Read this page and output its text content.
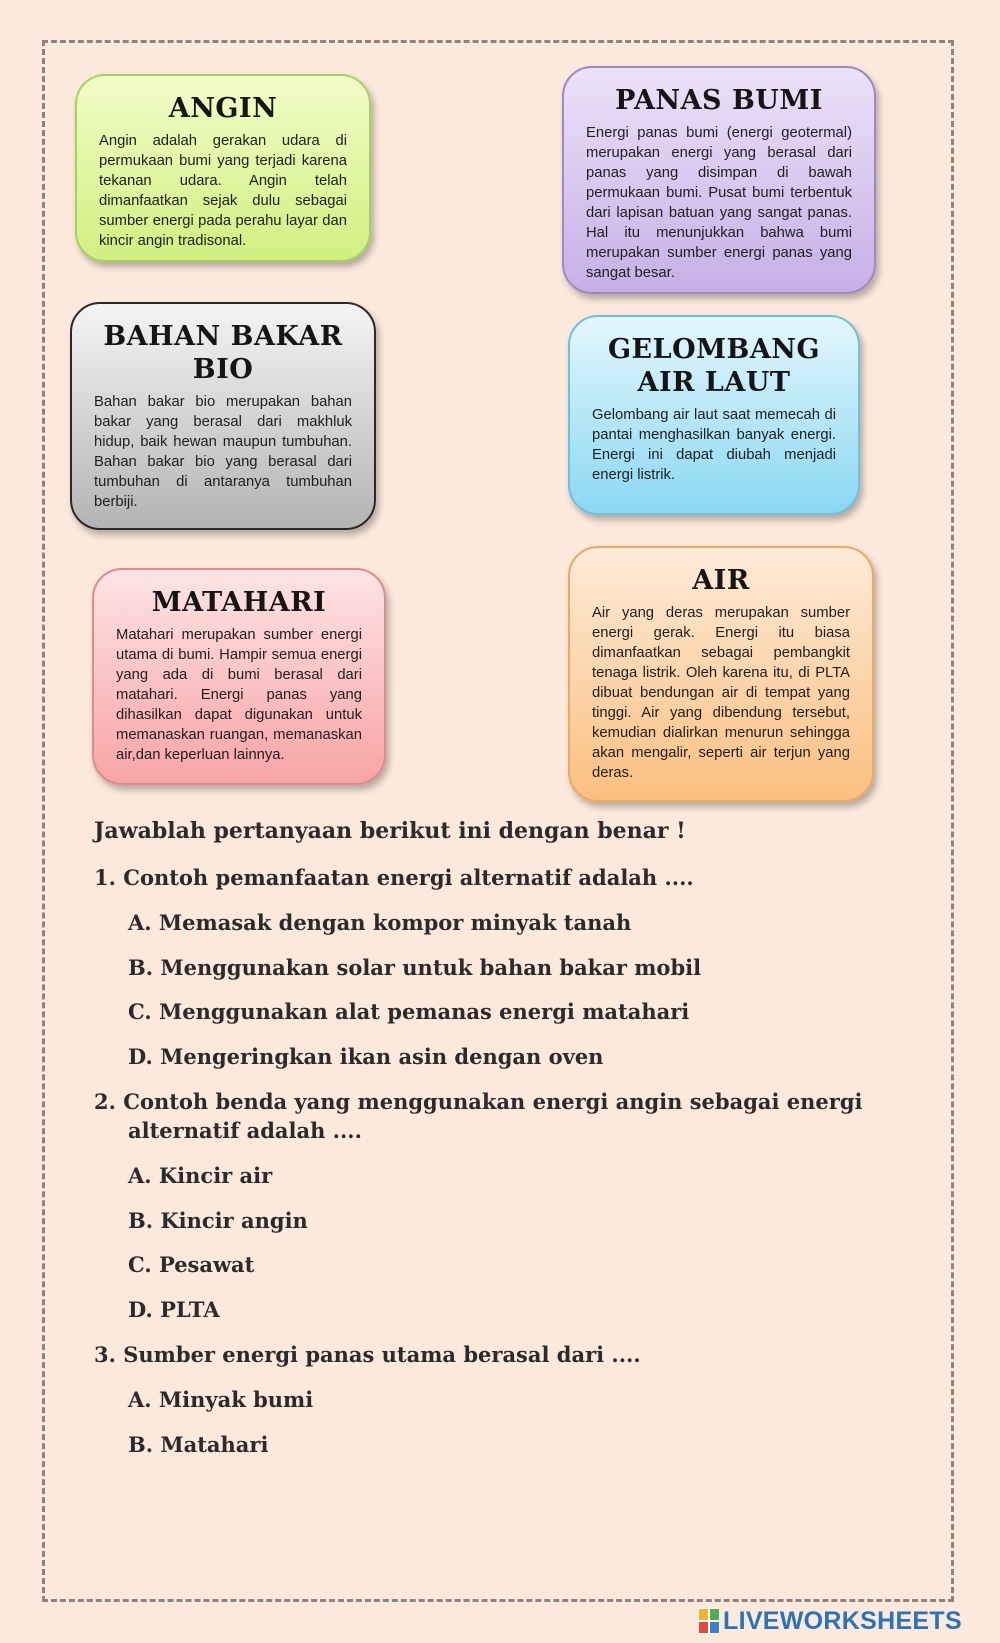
ANGIN

Angin adalah gerakan udara di permukaan bumi yang terjadi karena tekanan udara. Angin telah dimanfaatkan sejak dulu sebagai sumber energi pada perahu layar dan kincir angin tradisonal.

PANAS BUMI

Energi panas bumi (energi geotermal) merupakan energi yang berasal dari panas yang disimpan di bawah permukaan bumi. Pusat bumi terbentuk dari lapisan batuan yang sangat panas. Hal itu menunjukkan bahwa bumi merupakan sumber energi panas yang sangat besar.

BAHAN BAKAR BIO

Bahan bakar bio merupakan bahan bakar yang berasal dari makhluk hidup, baik hewan maupun tumbuhan. Bahan bakar bio yang berasal dari tumbuhan di antaranya tumbuhan berbiji.

GELOMBANG AIR LAUT

Gelombang air laut saat memecah di pantai menghasilkan banyak energi. Energi ini dapat diubah menjadi energi listrik.

MATAHARI

Matahari merupakan sumber energi utama di bumi. Hampir semua energi yang ada di bumi berasal dari matahari. Energi panas yang dihasilkan dapat digunakan untuk memanaskan ruangan, memanaskan air,dan keperluan lainnya.

AIR

Air yang deras merupakan sumber energi gerak. Energi itu biasa dimanfaatkan sebagai pembangkit tenaga listrik. Oleh karena itu, di PLTA dibuat bendungan air di tempat yang tinggi. Air yang dibendung tersebut, kemudian dialirkan menurun sehingga akan mengalir, seperti air terjun yang deras.

Jawablah pertanyaan berikut ini dengan benar !
1. Contoh pemanfaatan energi alternatif adalah ....
A. Memasak dengan kompor minyak tanah
B. Menggunakan solar untuk bahan bakar mobil
C. Menggunakan alat pemanas energi matahari
D. Mengeringkan ikan asin dengan oven
2. Contoh benda yang menggunakan energi angin sebagai energi
alternatif adalah ....
A. Kincir air
B. Kincir angin
C. Pesawat
D. PLTA
3. Sumber energi panas utama berasal dari ....
A. Minyak bumi
B. Matahari
LIVEWORKSHEETS
